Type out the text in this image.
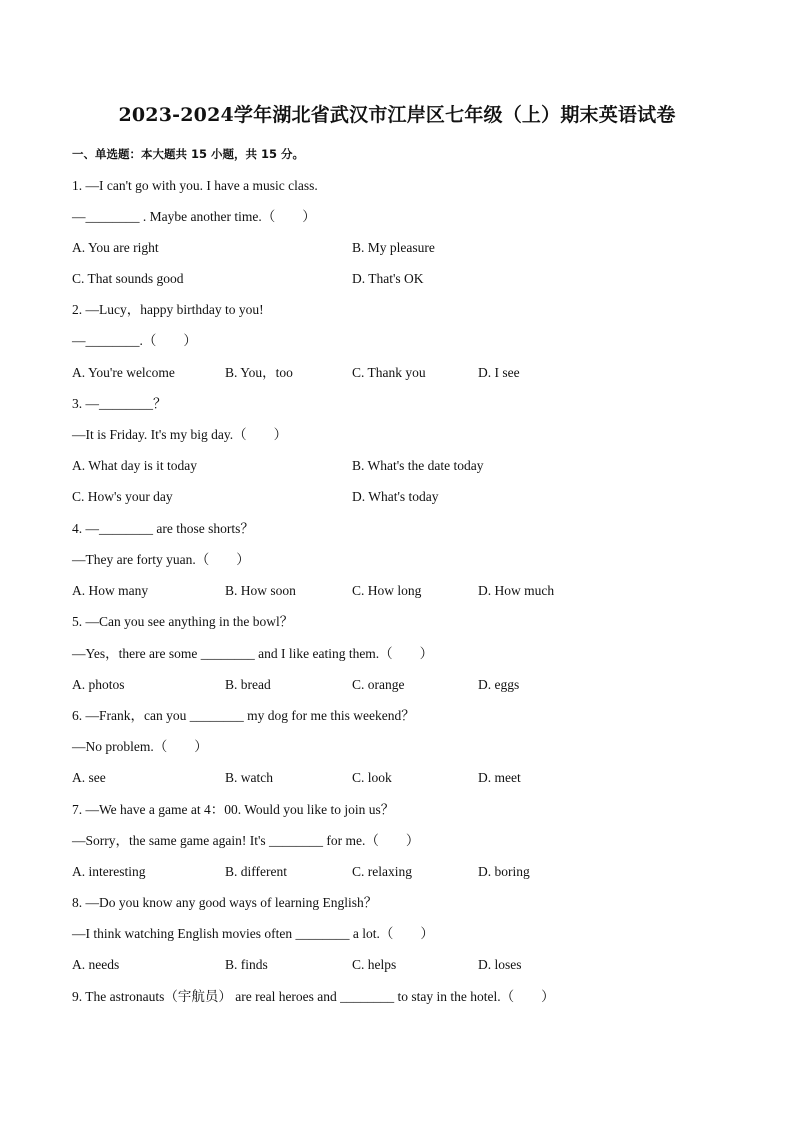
2023-2024学年湖北省武汉市江岸区七年级（上）期末英语试卷
一、单选题：本大题共 15 小题，共 15 分。
1. —I can't go with you. I have a music class.
—________ . Maybe another time.（　　）
A. You are right	B. My pleasure
C. That sounds good	D. That's OK
2. —Lucy，happy birthday to you!
—________.（　　）
A. You're welcome	B. You，too	C. Thank you	D. I see
3. —________？
—It is Friday. It's my big day.（　　）
A. What day is it today	B. What's the date today
C. How's your day	D. What's today
4. —________ are those shorts？
—They are forty yuan.（　　）
A. How many	B. How soon	C. How long	D. How much
5. —Can you see anything in the bowl？
—Yes，there are some ________ and I like eating them.（　　）
A. photos	B. bread	C. orange	D. eggs
6. —Frank，can you ________ my dog for me this weekend？
—No problem.（　　）
A. see	B. watch	C. look	D. meet
7. —We have a game at 4：00. Would you like to join us？
—Sorry，the same game again! It's ________ for me.（　　）
A. interesting	B. different	C. relaxing	D. boring
8. —Do you know any good ways of learning English？
—I think watching English movies often ________ a lot.（　　）
A. needs	B. finds	C. helps	D. loses
9. The astronauts（宇航员） are real heroes and ________ to stay in the hotel.（　　）
